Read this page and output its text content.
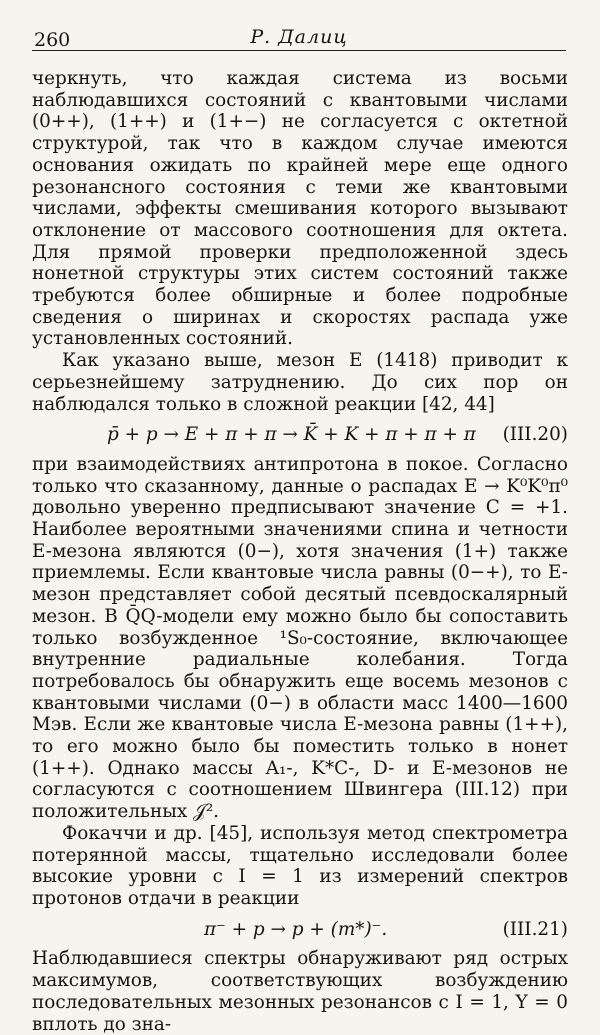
260	Р. Далиц

черкнуть, что каждая система из восьми наблюдавшихся состояний с квантовыми числами (0++), (1++) и (1+−) не согласуется с октетной структурой, так что в каждом случае имеются основания ожидать по крайней мере еще одного резонансного состояния с теми же квантовыми числами, эффекты смешивания которого вызывают отклонение от массового соотношения для октета. Для прямой проверки предположенной здесь нонетной структуры этих систем состояний также требуются более обширные и более подробные сведения о ширинах и скоростях распада уже установленных состояний.

Как указано выше, мезон E (1418) приводит к серьезнейшему затруднению. До сих пор он наблюдался только в сложной реакции [42, 44]

p̄ + p → E + π + π → K̄ + K + π + π + π (III.20)

при взаимодействиях антипротона в покое. Согласно только что сказанному, данные о распадах E → K⁰K⁰π⁰ довольно уверенно предписывают значение C = +1. Наиболее вероятными значениями спина и четности E-мезона являются (0−), хотя значения (1+) также приемлемы. Если квантовые числа равны (0−+), то E-мезон представляет собой десятый псевдоскалярный мезон. В Q̄Q-модели ему можно было бы сопоставить только возбужденное ¹S₀-состояние, включающее внутренние радиальные колебания. Тогда потребовалось бы обнаружить еще восемь мезонов с квантовыми числами (0−) в области масс 1400—1600 Мэв. Если же квантовые числа E-мезона равны (1++), то его можно было бы поместить только в нонет (1++). Однако массы A₁-, K*C-, D- и E-мезонов не согласуются с соотношением Швингера (III.12) при положительных 𝒥².

Фокаччи и др. [45], используя метод спектрометра потерянной массы, тщательно исследовали более высокие уровни с I = 1 из измерений спектров протонов отдачи в реакции

π⁻ + p → p + (m*)⁻.	(III.21)

Наблюдавшиеся спектры обнаруживают ряд острых максимумов, соответствующих возбуждению последовательных мезонных резонансов с I = 1, Y = 0 вплоть до зна-
